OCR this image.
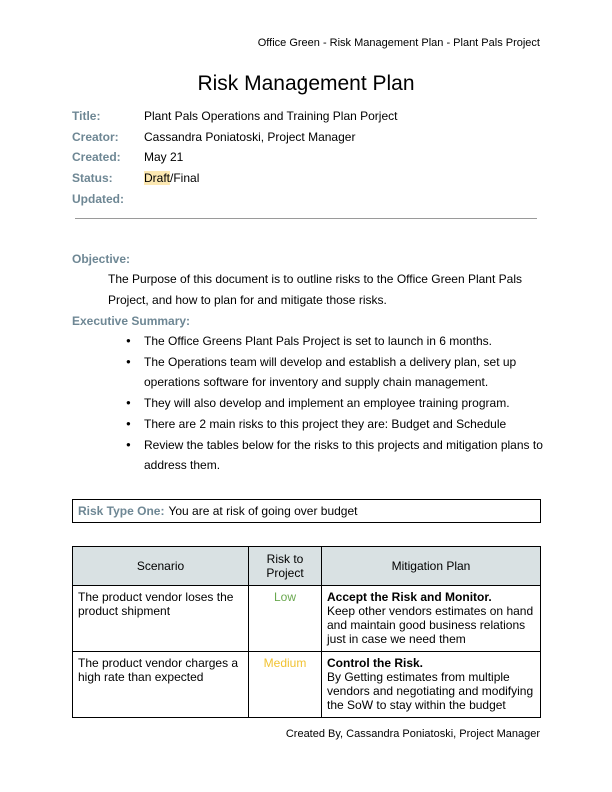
Office Green - Risk Management Plan - Plant Pals Project
Risk Management Plan
Title:	Plant Pals Operations and Training Plan Porject
Creator:	Cassandra Poniatoski, Project Manager
Created:	May 21
Status:	Draft/Final
Updated:
Objective:
The Purpose of this document is to outline risks to the Office Green Plant Pals Project, and how to plan for and mitigate those risks.
Executive Summary:
● The Office Greens Plant Pals Project is set to launch in 6 months.
● The Operations team will develop and establish a delivery plan, set up operations software for inventory and supply chain management.
● They will also develop and implement an employee training program.
● There are 2 main risks to this project they are: Budget and Schedule
● Review the tables below for the risks to this projects and mitigation plans to address them.
Risk Type One: You are at risk of going over budget
Scenario	Risk to Project	Mitigation Plan
The product vendor loses the product shipment	Low	Accept the Risk and Monitor.
Keep other vendors estimates on hand and maintain good business relations just in case we need them
The product vendor charges a high rate than expected	Medium	Control the Risk.
By Getting estimates from multiple vendors and negotiating and modifying the SoW to stay within the budget
Created By, Cassandra Poniatoski, Project Manager
